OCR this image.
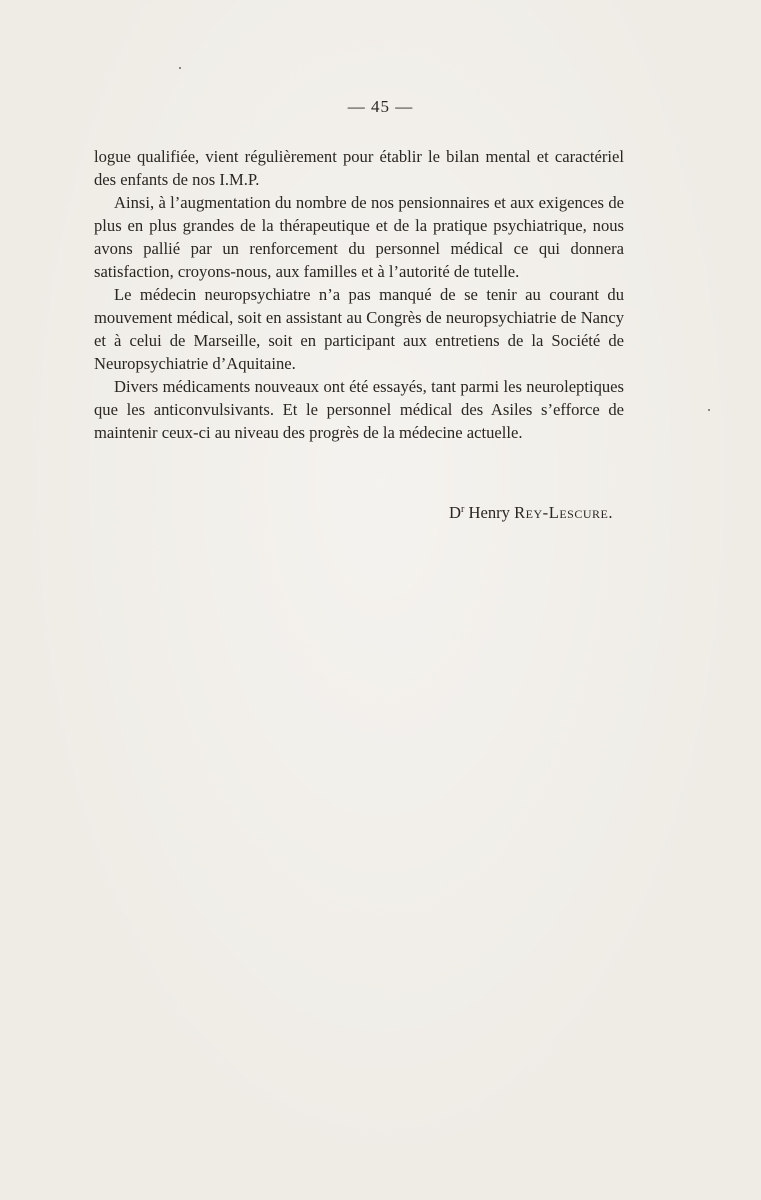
— 45 —

logue qualifiée, vient régulièrement pour établir le bilan mental et caractériel des enfants de nos I.M.P.

Ainsi, à l’augmentation du nombre de nos pensionnaires et aux exigences de plus en plus grandes de la thérapeutique et de la pratique psychiatrique, nous avons pallié par un renforcement du personnel médical ce qui donnera satisfaction, croyons-nous, aux familles et à l’autorité de tutelle.

Le médecin neuropsychiatre n’a pas manqué de se tenir au courant du mouvement médical, soit en assistant au Congrès de neuropsychiatrie de Nancy et à celui de Marseille, soit en participant aux entretiens de la Société de Neuropsychiatrie d’Aquitaine.

Divers médicaments nouveaux ont été essayés, tant parmi les neuroleptiques que les anticonvulsivants. Et le personnel médical des Asiles s’efforce de maintenir ceux-ci au niveau des progrès de la médecine actuelle.

$D^r$ Henry Rey-Lescure.
